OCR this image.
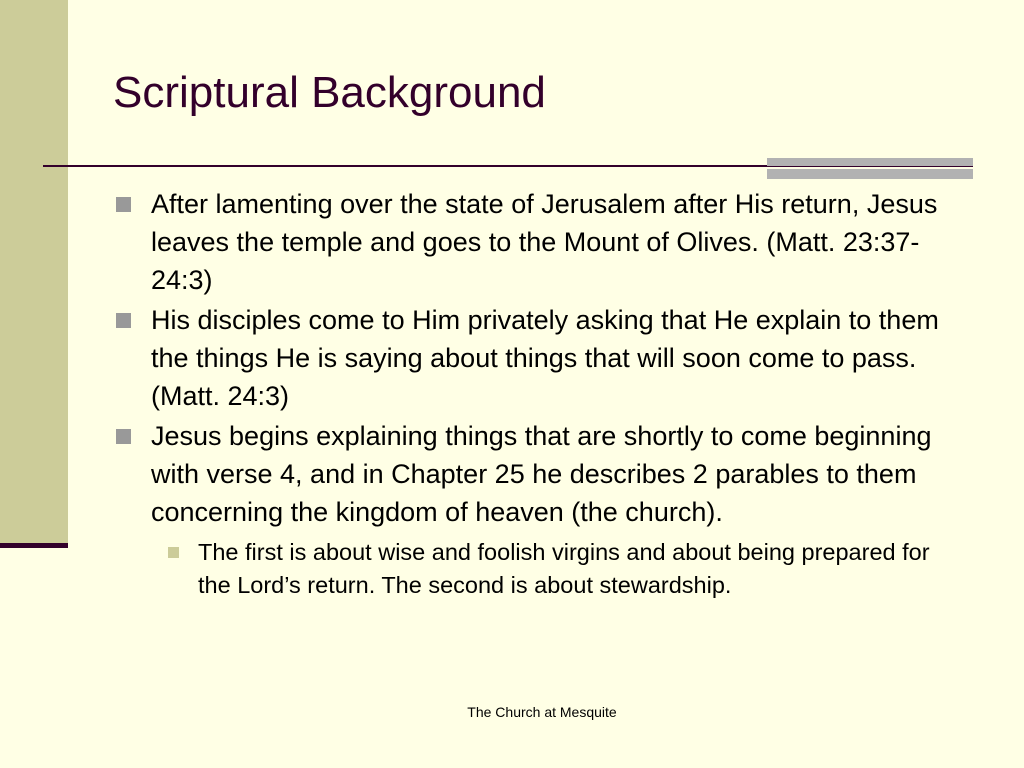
Scriptural Background
After lamenting over the state of Jerusalem after His return, Jesus leaves the temple and goes to the Mount of Olives. (Matt. 23:37-24:3)
His disciples come to Him privately asking that He explain to them the things He is saying about things that will soon come to pass. (Matt. 24:3)
Jesus begins explaining things that are shortly to come beginning with verse 4, and in Chapter 25 he describes 2 parables to them concerning the kingdom of heaven (the church).
The first is about wise and foolish virgins and about being prepared for the Lord’s return. The second is about stewardship.
The Church at Mesquite
